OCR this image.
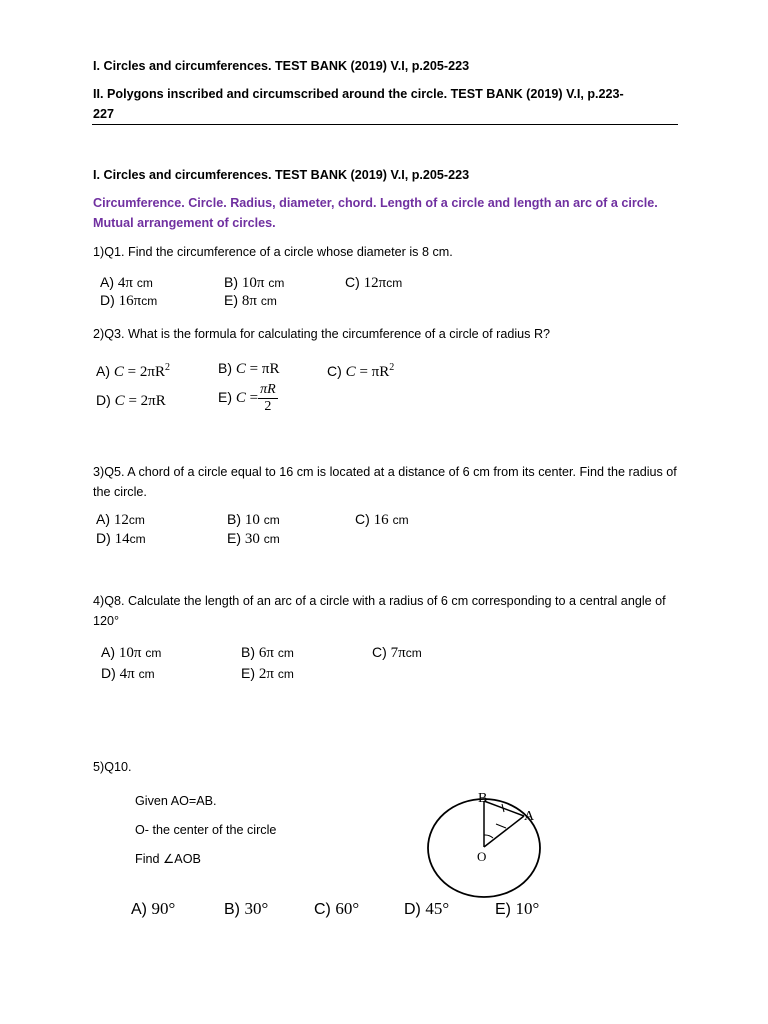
I. Circles and circumferences. TEST BANK (2019) V.I, p.205-223
II. Polygons inscribed and circumscribed around the circle. TEST BANK (2019) V.I, p.223-
227
I. Circles and circumferences. TEST BANK (2019) V.I, p.205-223
Circumference. Circle. Radius, diameter, chord. Length of a circle and length an arc of a circle. Mutual arrangement of circles.
1)Q1. Find the circumference of a circle whose diameter is 8 cm.
A) 4π cm	B) 10π cm	C) 12πcm
D) 16πcm	E) 8π cm
2)Q3. What is the formula for calculating the circumference of a circle of radius R?
A) $C = 2\pi R^2$	B) C = πR	C) $C = \pi R^2$
D) C = 2πR	E) $C = \frac{\pi R}{2}$
3)Q5. A chord of a circle equal to 16 cm is located at a distance of 6 cm from its center. Find the radius of the circle.
A) 12cm	B) 10 cm	C) 16 cm
D) 14cm	E) 30 cm
4)Q8. Calculate the length of an arc of a circle with a radius of 6 cm corresponding to a central angle of 120°
A) 10π cm	B) 6π cm	C) 7πcm
D) 4π cm	E) 2π cm
5)Q10.
Given AO=AB.
O- the center of the circle
Find ∠AOB
B
A
O
A) 90°	B) 30°	C) 60°	D) 45°	E) 10°
